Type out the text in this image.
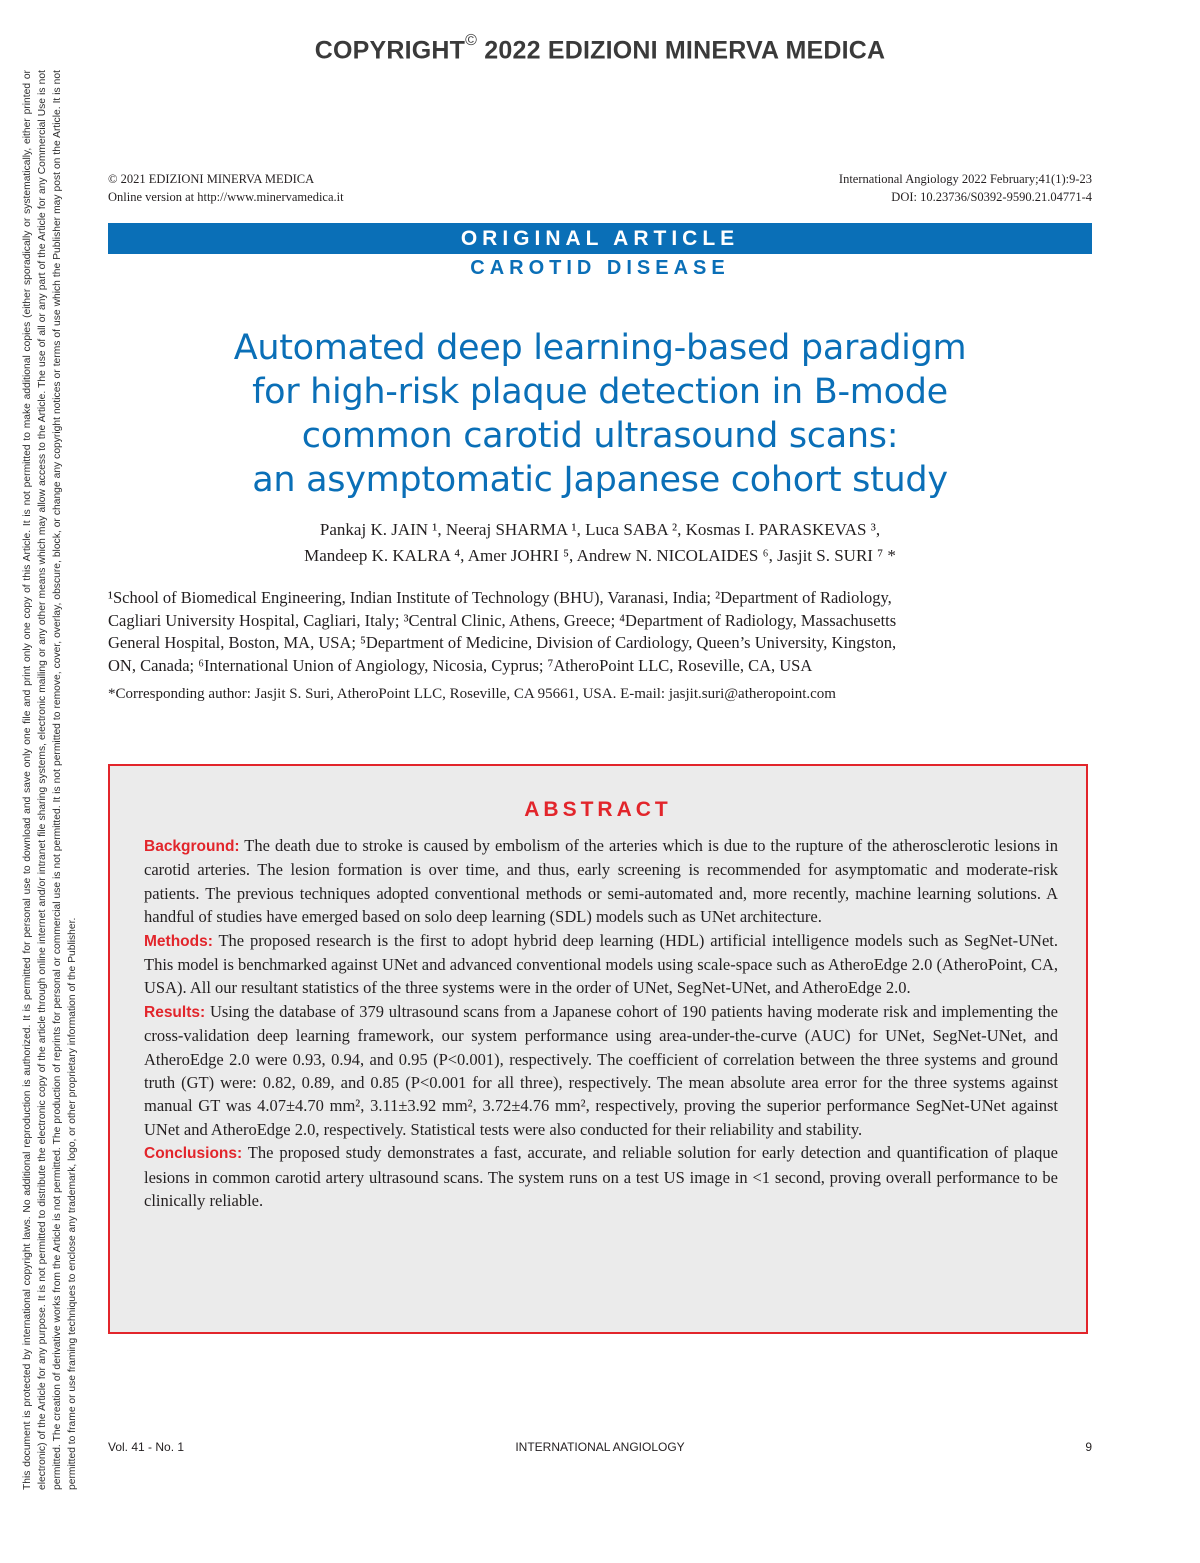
COPYRIGHT© 2022 EDIZIONI MINERVA MEDICA
This document is protected by international copyright laws. No additional reproduction is authorized. It is permitted for personal use to download and save only one file and print only one copy of this Article. It is not permitted to make additional copies (either sporadically or systematically, either printed or electronic) of the Article for any purpose. It is not permitted to distribute the electronic copy of the article through online internet and/or intranet file sharing systems, electronic mailing or any other means which may allow access to the Article. The use of all or any part of the Article for any Commercial Use is not permitted. The creation of derivative works from the Article is not permitted. The production of reprints for personal or commercial use is not permitted. It is not permitted to remove, cover, overlay, obscure, block, or change any copyright notices or terms of use which the Publisher may post on the Article. It is not permitted to frame or use framing techniques to enclose any trademark, logo, or other proprietary information of the Publisher.
© 2021 EDIZIONI MINERVA MEDICA
Online version at http://www.minervamedica.it
International Angiology 2022 February;41(1):9-23
DOI: 10.23736/S0392-9590.21.04771-4
ORIGINAL ARTICLE
CAROTID DISEASE
Automated deep learning-based paradigm
for high-risk plaque detection in B-mode
common carotid ultrasound scans:
an asymptomatic Japanese cohort study
Pankaj K. JAIN ¹, Neeraj SHARMA ¹, Luca SABA ², Kosmas I. PARASKEVAS ³,
Mandeep K. KALRA ⁴, Amer JOHRI ⁵, Andrew N. NICOLAIDES ⁶, Jasjit S. SURI ⁷ *
¹School of Biomedical Engineering, Indian Institute of Technology (BHU), Varanasi, India; ²Department of Radiology,
Cagliari University Hospital, Cagliari, Italy; ³Central Clinic, Athens, Greece; ⁴Department of Radiology, Massachusetts
General Hospital, Boston, MA, USA; ⁵Department of Medicine, Division of Cardiology, Queen’s University, Kingston,
ON, Canada; ⁶International Union of Angiology, Nicosia, Cyprus; ⁷AtheroPoint LLC, Roseville, CA, USA
*Corresponding author: Jasjit S. Suri, AtheroPoint LLC, Roseville, CA 95661, USA. E-mail: jasjit.suri@atheropoint.com
ABSTRACT

Background: The death due to stroke is caused by embolism of the arteries which is due to the rupture of the atherosclerotic lesions in carotid arteries. The lesion formation is over time, and thus, early screening is recommended for asymptomatic and moderate-risk patients. The previous techniques adopted conventional methods or semi-automated and, more recently, machine learning solutions. A handful of studies have emerged based on solo deep learning (SDL) models such as UNet architecture.

Methods: The proposed research is the first to adopt hybrid deep learning (HDL) artificial intelligence models such as SegNet-UNet. This model is benchmarked against UNet and advanced conventional models using scale-space such as AtheroEdge 2.0 (AtheroPoint, CA, USA). All our resultant statistics of the three systems were in the order of UNet, SegNet-UNet, and AtheroEdge 2.0.

Results: Using the database of 379 ultrasound scans from a Japanese cohort of 190 patients having moderate risk and implementing the cross-validation deep learning framework, our system performance using area-under-the-curve (AUC) for UNet, SegNet-UNet, and AtheroEdge 2.0 were 0.93, 0.94, and 0.95 (P<0.001), respectively. The coefficient of correlation between the three systems and ground truth (GT) were: 0.82, 0.89, and 0.85 (P<0.001 for all three), respectively. The mean absolute area error for the three systems against manual GT was 4.07±4.70 mm², 3.11±3.92 mm², 3.72±4.76 mm², respectively, proving the superior performance SegNet-UNet against UNet and AtheroEdge 2.0, respectively. Statistical tests were also conducted for their reliability and stability.

Conclusions: The proposed study demonstrates a fast, accurate, and reliable solution for early detection and quantification of plaque lesions in common carotid artery ultrasound scans. The system runs on a test US image in <1 second, proving overall performance to be clinically reliable.

Vol. 41 - No. 1	INTERNATIONAL ANGIOLOGY	9
